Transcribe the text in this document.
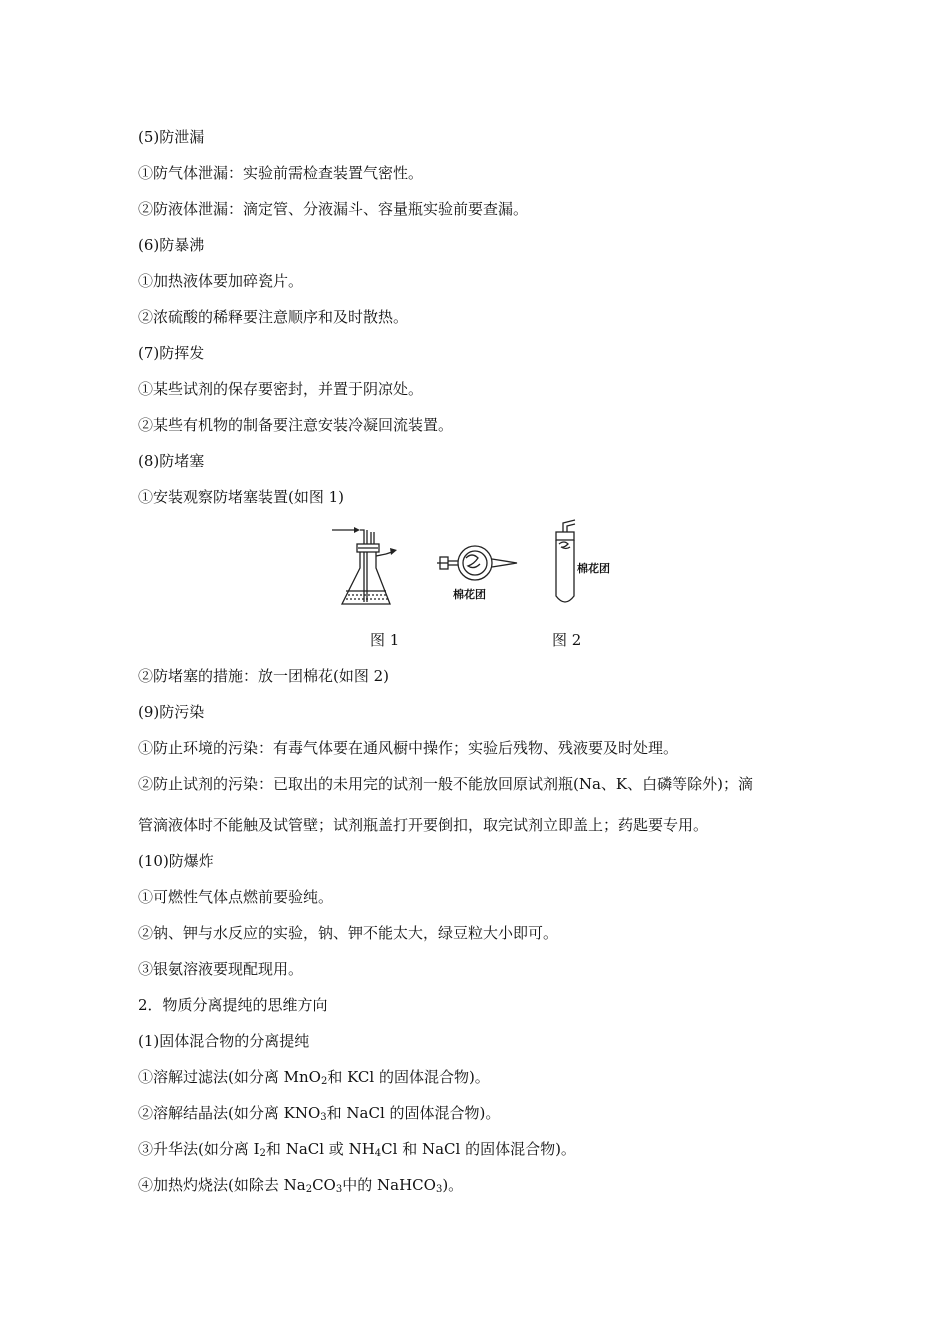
(5)防泄漏
①防气体泄漏：实验前需检查装置气密性。
②防液体泄漏：滴定管、分液漏斗、容量瓶实验前要查漏。
(6)防暴沸
①加热液体要加碎瓷片。
②浓硫酸的稀释要注意顺序和及时散热。
(7)防挥发
①某些试剂的保存要密封，并置于阴凉处。
②某些有机物的制备要注意安装冷凝回流装置。
(8)防堵塞
①安装观察防堵塞装置(如图 1)
棉花团
棉花团
图 1	图 2
②防堵塞的措施：放一团棉花(如图 2)
(9)防污染
①防止环境的污染：有毒气体要在通风橱中操作；实验后残物、残液要及时处理。
②防止试剂的污染：已取出的未用完的试剂一般不能放回原试剂瓶(Na、K、白磷等除外)；滴
管滴液体时不能触及试管壁；试剂瓶盖打开要倒扣，取完试剂立即盖上；药匙要专用。
(10)防爆炸
①可燃性气体点燃前要验纯。
②钠、钾与水反应的实验，钠、钾不能太大，绿豆粒大小即可。
③银氨溶液要现配现用。
2．物质分离提纯的思维方向
(1)固体混合物的分离提纯
①溶解过滤法(如分离 MnO$_2$和 KCl 的固体混合物)。
②溶解结晶法(如分离 $KNO_3$和 NaCl 的固体混合物)。
③升华法(如分离 $I_2$和 NaCl 或 $NH_4Cl$ 和 NaCl 的固体混合物)。
④加热灼烧法(如除去 $Na_2CO_3$中的 NaHCO$_3$)。
